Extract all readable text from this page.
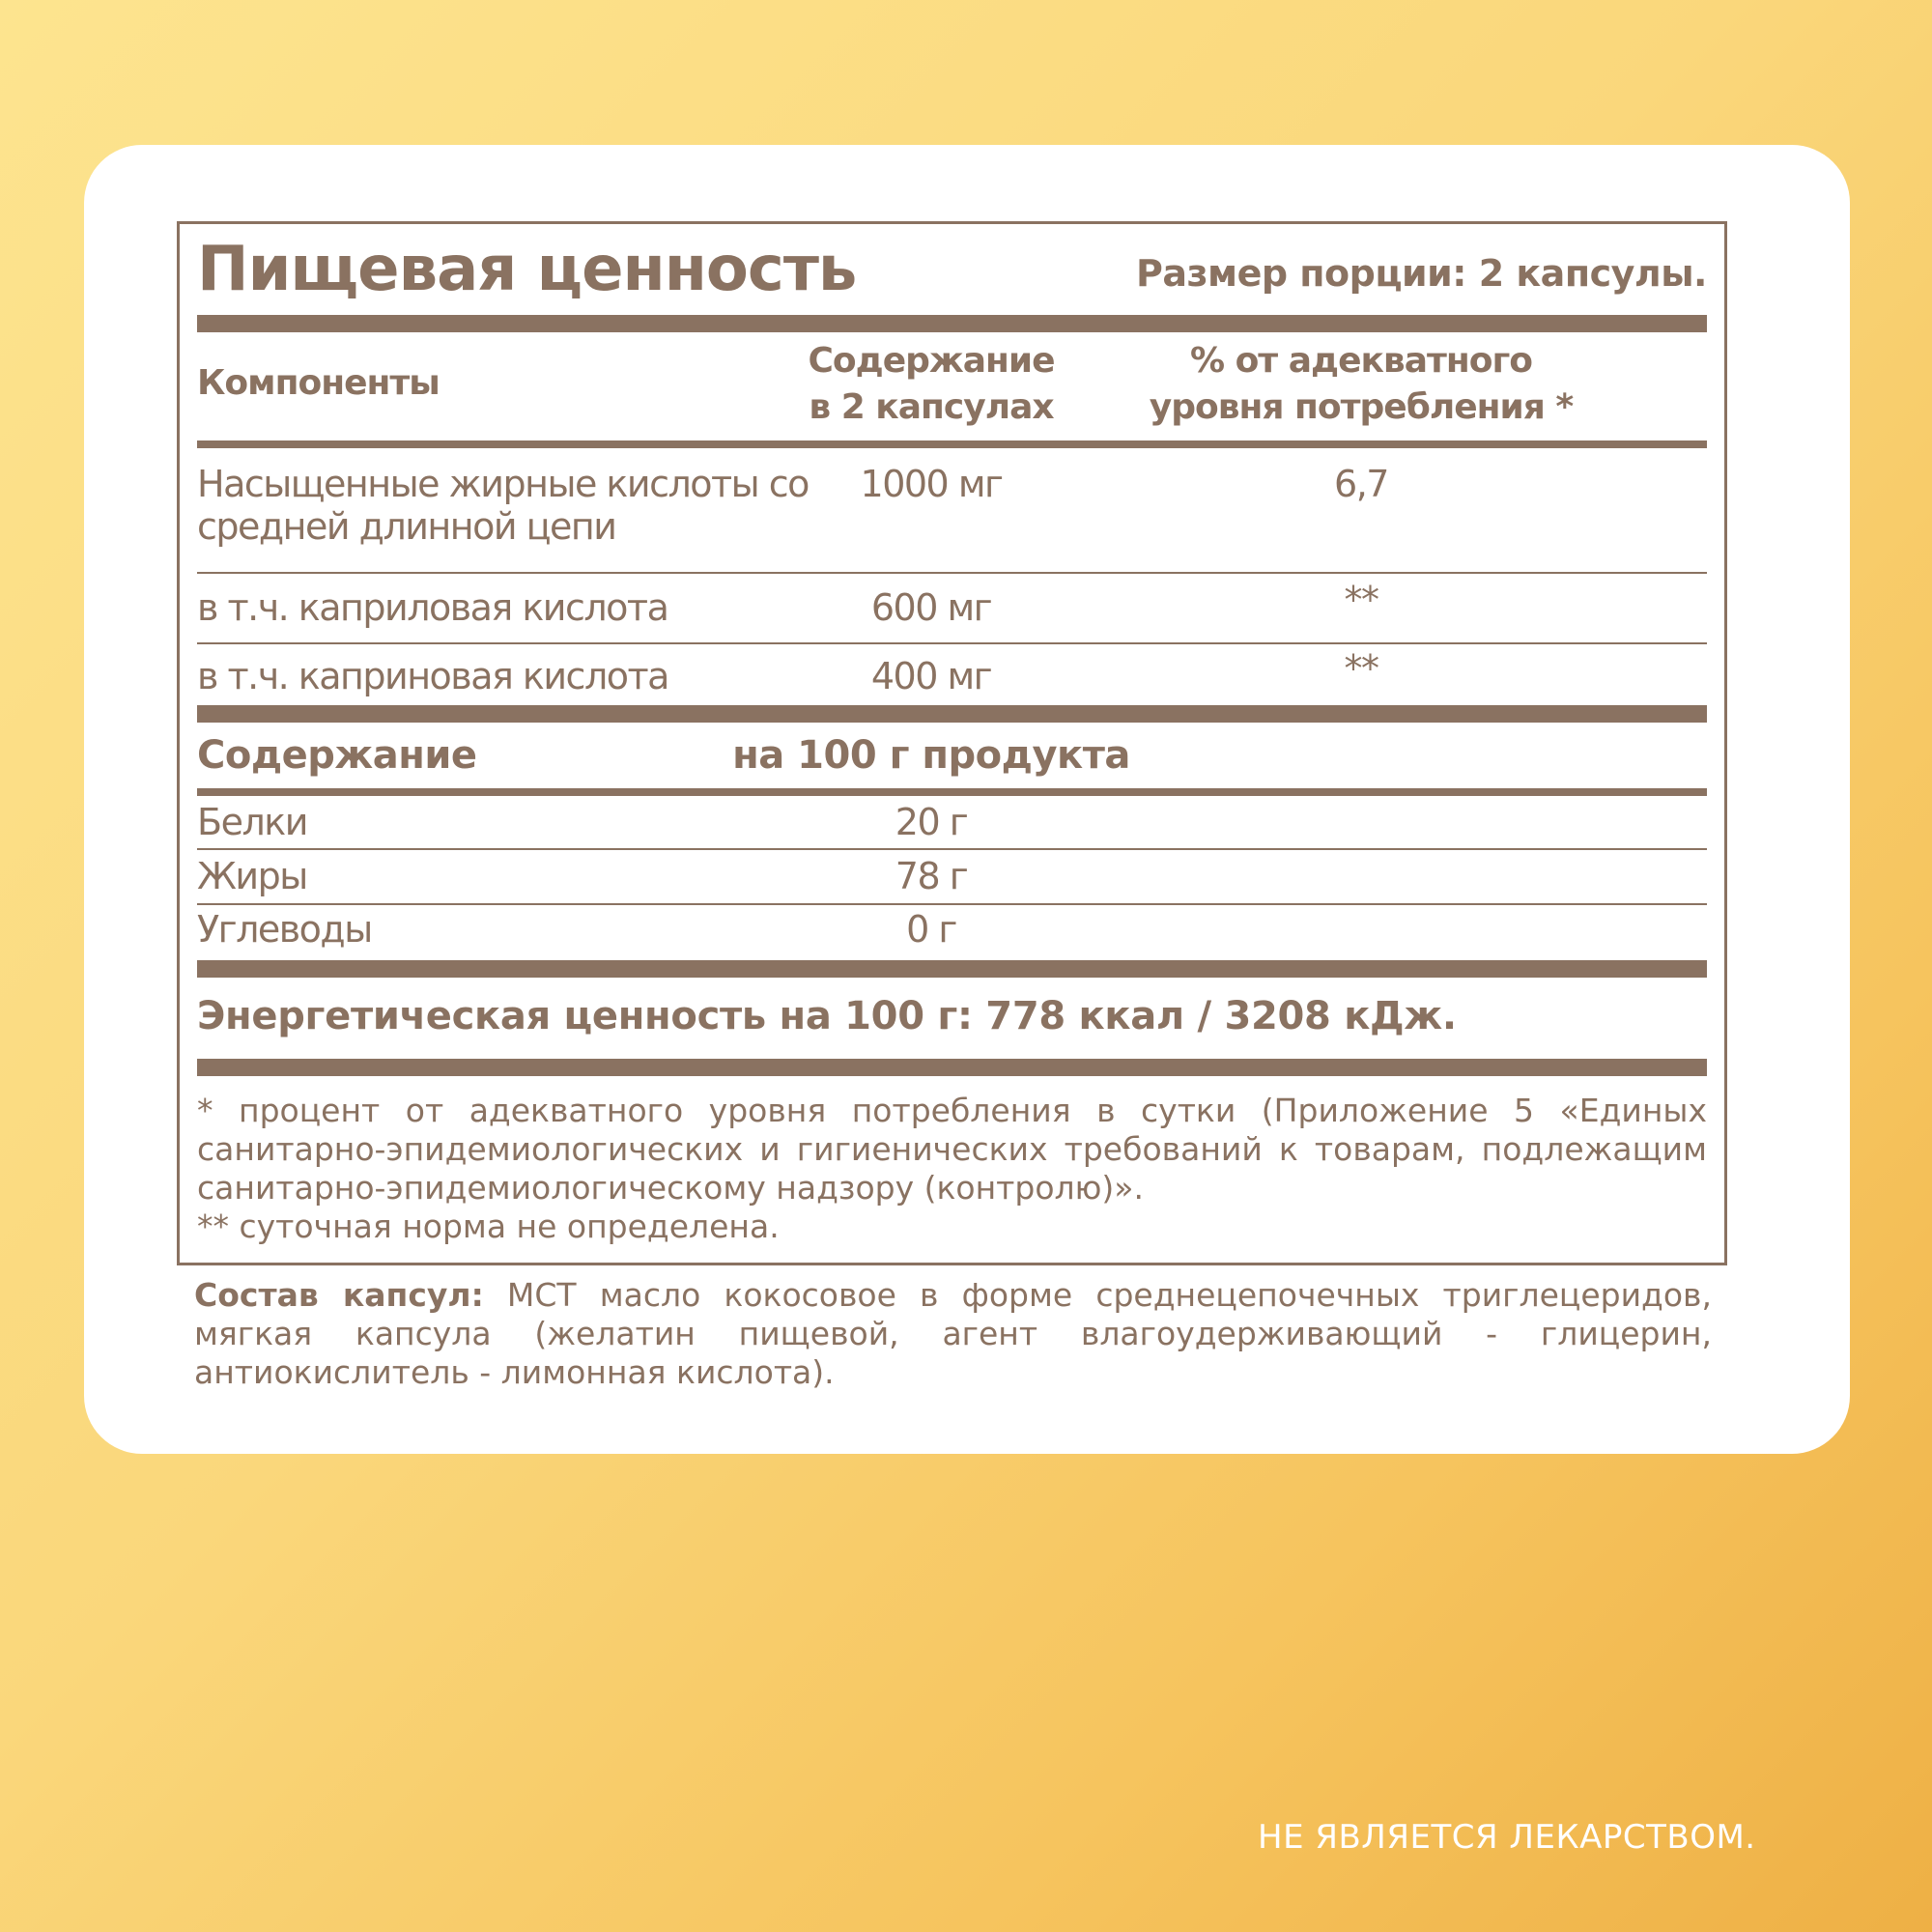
Пищевая ценность	Размер порции: 2 капсулы.
Компоненты
Содержание
в 2 капсулах
% от адекватного
уровня потребления *
Насыщенные жирные кислоты со
средней длинной цепи
1000 мг	6,7
в т.ч. каприловая кислота	600 мг	**
в т.ч. каприновая кислота	400 мг	**
Содержание	на 100 г продукта
Белки	20 г
Жиры	78 г
Углеводы	0 г
Энергетическая ценность на 100 г: 778 ккал / 3208 кДж.
* процент от адекватного уровня потребления в сутки (Приложение 5 «Единых санитарно-эпидемиологических и гигиенических требований к товарам, подлежащим санитарно-эпидемиологическому надзору (контролю)».
** суточная норма не определена.
Состав капсул: МСТ масло кокосовое в форме среднецепочечных триглецеридов, мягкая капсула (желатин пищевой, агент влагоудерживающий - глицерин, антиокислитель - лимонная кислота).
НЕ ЯВЛЯЕТСЯ ЛЕКАРСТВОМ.
